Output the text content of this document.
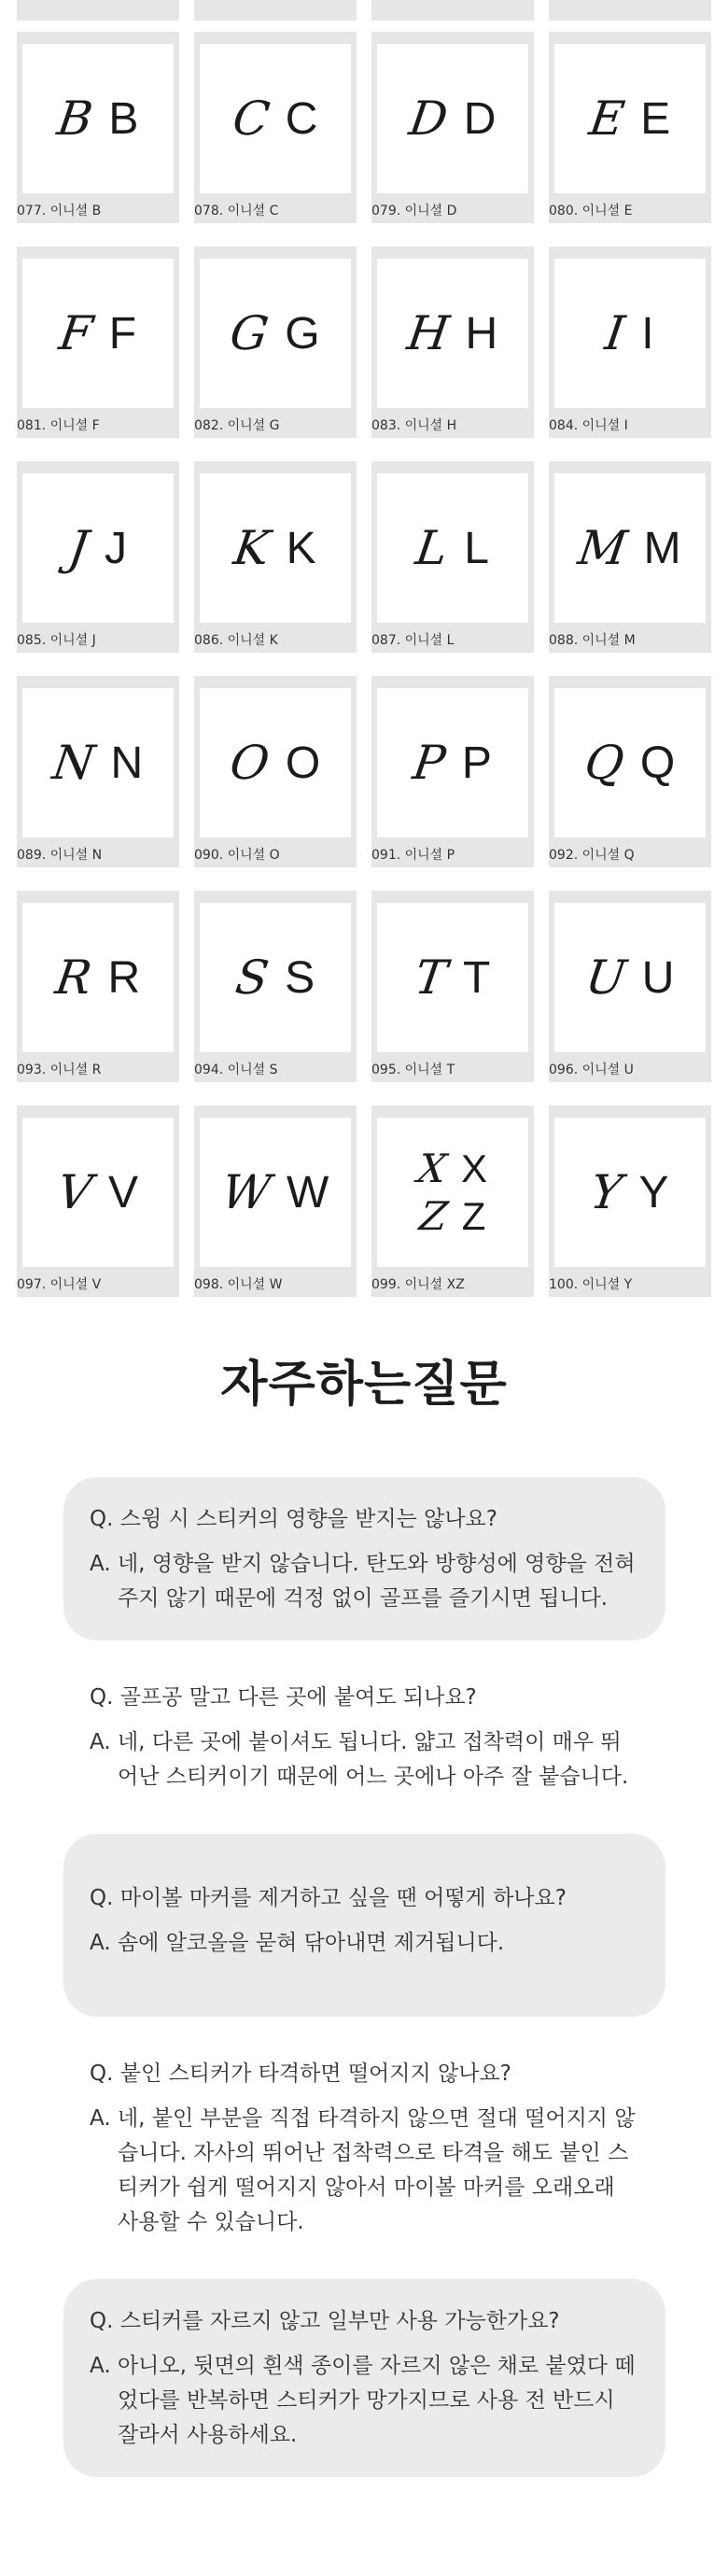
B B
077. 이니셜 B
C C
078. 이니셜 C
D D
079. 이니셜 D
E E
080. 이니셜 E
F F
081. 이니셜 F
G G
082. 이니셜 G
H H
083. 이니셜 H
I I
084. 이니셜 I
J J
085. 이니셜 J
K K
086. 이니셜 K
L L
087. 이니셜 L
M M
088. 이니셜 M
N N
089. 이니셜 N
O O
090. 이니셜 O
P P
091. 이니셜 P
Q Q
092. 이니셜 Q
R R
093. 이니셜 R
S S
094. 이니셜 S
T T
095. 이니셜 T
U U
096. 이니셜 U
V V
097. 이니셜 V
W W
098. 이니셜 W
X X
Z Z
099. 이니셜 XZ
Y Y
100. 이니셜 Y
자주하는질문
Q. 스윙 시 스티커의 영향을 받지는 않나요?
A. 네, 영향을 받지 않습니다. 탄도와 방향성에 영향을 전혀 주지 않기 때문에 걱정 없이 골프를 즐기시면 됩니다.
Q. 골프공 말고 다른 곳에 붙여도 되나요?
A. 네, 다른 곳에 붙이셔도 됩니다. 얇고 접착력이 매우 뛰어난 스티커이기 때문에 어느 곳에나 아주 잘 붙습니다.
Q. 마이볼 마커를 제거하고 싶을 땐 어떻게 하나요?
A. 솜에 알코올을 묻혀 닦아내면 제거됩니다.
Q. 붙인 스티커가 타격하면 떨어지지 않나요?
A. 네, 붙인 부분을 직접 타격하지 않으면 절대 떨어지지 않습니다. 자사의 뛰어난 접착력으로 타격을 해도 붙인 스티커가 쉽게 떨어지지 않아서 마이볼 마커를 오래오래 사용할 수 있습니다.
Q. 스티커를 자르지 않고 일부만 사용 가능한가요?
A. 아니오, 뒷면의 흰색 종이를 자르지 않은 채로 붙였다 떼었다를 반복하면 스티커가 망가지므로 사용 전 반드시 잘라서 사용하세요.
